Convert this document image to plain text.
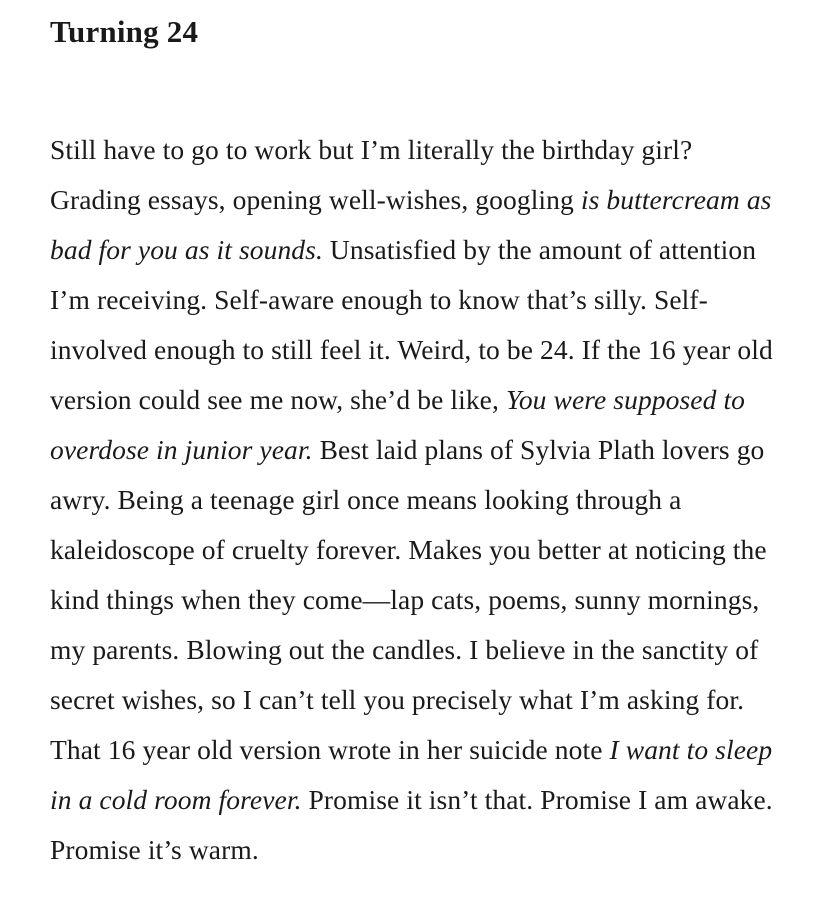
Turning 24

Still have to go to work but I’m literally the birthday girl? Grading essays, opening well-wishes, googling is buttercream as bad for you as it sounds. Unsatisfied by the amount of attention I’m receiving. Self-aware enough to know that’s silly. Self-involved enough to still feel it. Weird, to be 24. If the 16 year old version could see me now, she’d be like, You were supposed to overdose in junior year. Best laid plans of Sylvia Plath lovers go awry. Being a teenage girl once means looking through a kaleidoscope of cruelty forever. Makes you better at noticing the kind things when they come—lap cats, poems, sunny mornings, my parents. Blowing out the candles. I believe in the sanctity of secret wishes, so I can’t tell you precisely what I’m asking for. That 16 year old version wrote in her suicide note I want to sleep in a cold room forever. Promise it isn’t that. Promise I am awake. Promise it’s warm.
